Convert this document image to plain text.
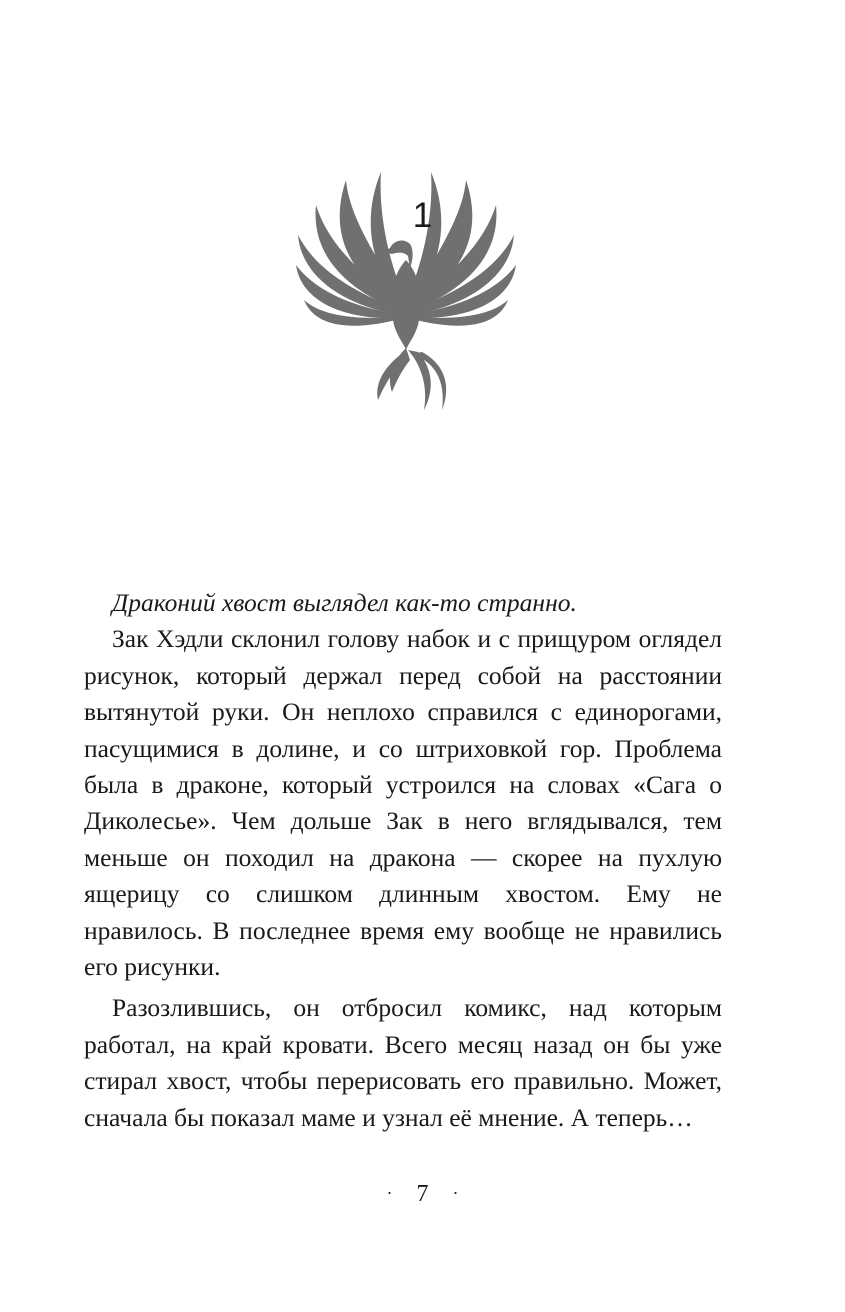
1

Драконий хвост выглядел как-то странно.

Зак Хэдли склонил голову набок и с прищуром оглядел рисунок, который держал перед собой на расстоянии вытянутой руки. Он неплохо справился с единорогами, пасущимися в долине, и со штриховкой гор. Проблема была в драконе, который устроился на словах «Сага о Диколесье». Чем дольше Зак в него вглядывался, тем меньше он походил на дракона — скорее на пухлую ящерицу со слишком длинным хвостом. Ему не нравилось. В последнее время ему вообще не нравились его рисунки.

Разозлившись, он отбросил комикс, над которым работал, на край кровати. Всего месяц назад он бы уже стирал хвост, чтобы перерисовать его правильно. Может, сначала бы показал маме и узнал её мнение. А теперь…

· 7 ·
